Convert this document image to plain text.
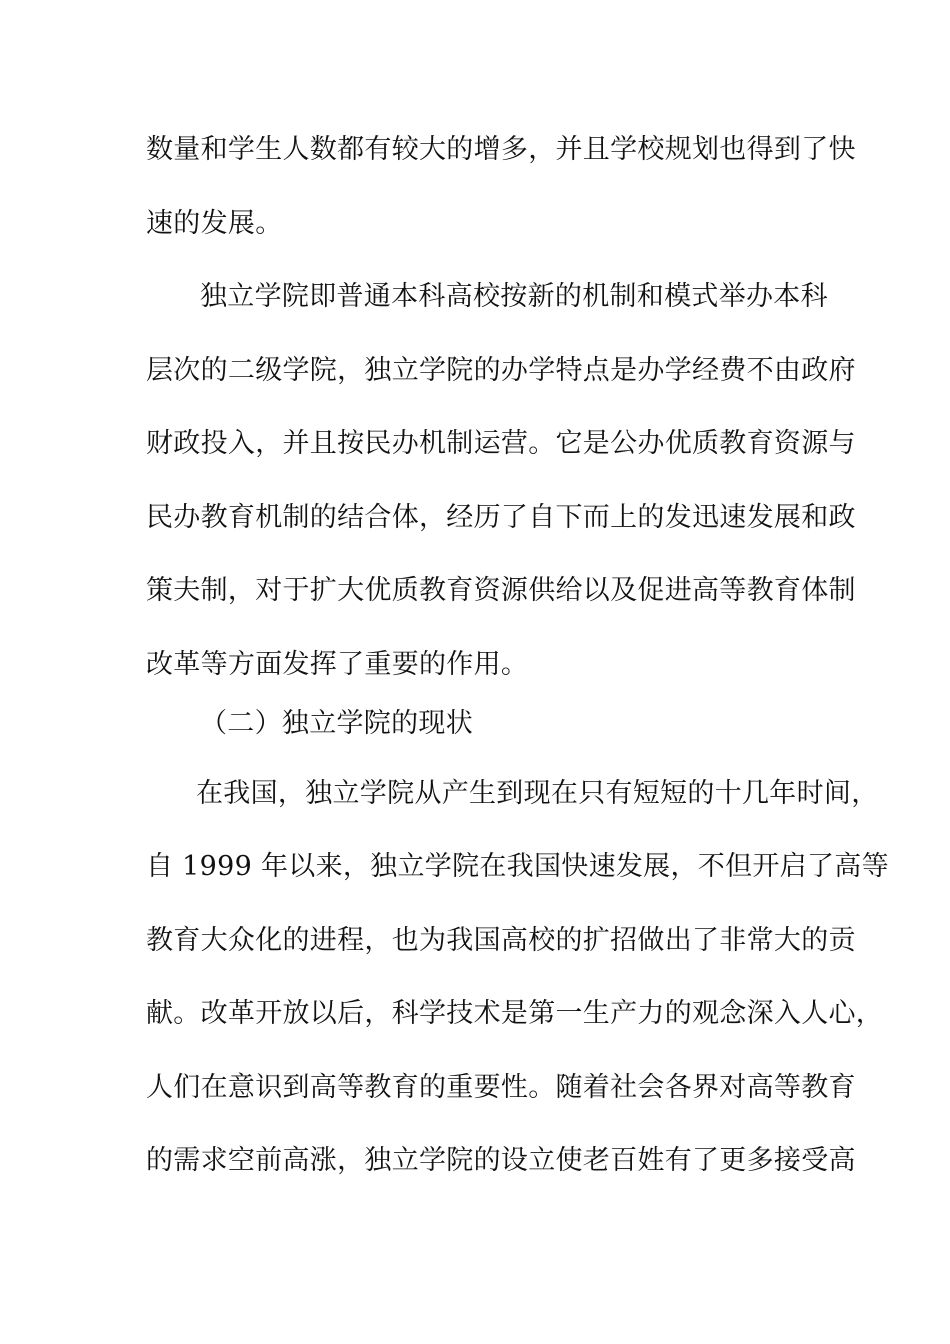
数量和学生人数都有较大的增多，并且学校规划也得到了快

速的发展。

独立学院即普通本科高校按新的机制和模式举办本科

层次的二级学院，独立学院的办学特点是办学经费不由政府

财政投入，并且按民办机制运营。它是公办优质教育资源与

民办教育机制的结合体，经历了自下而上的发迅速发展和政

策夫制，对于扩大优质教育资源供给以及促进高等教育体制

改革等方面发挥了重要的作用。

（二）独立学院的现状

在我国，独立学院从产生到现在只有短短的十几年时间，

自 1999 年以来，独立学院在我国快速发展，不但开启了高等

教育大众化的进程，也为我国高校的扩招做出了非常大的贡

献。改革开放以后，科学技术是第一生产力的观念深入人心，

人们在意识到高等教育的重要性。随着社会各界对高等教育

的需求空前高涨，独立学院的设立使老百姓有了更多接受高
